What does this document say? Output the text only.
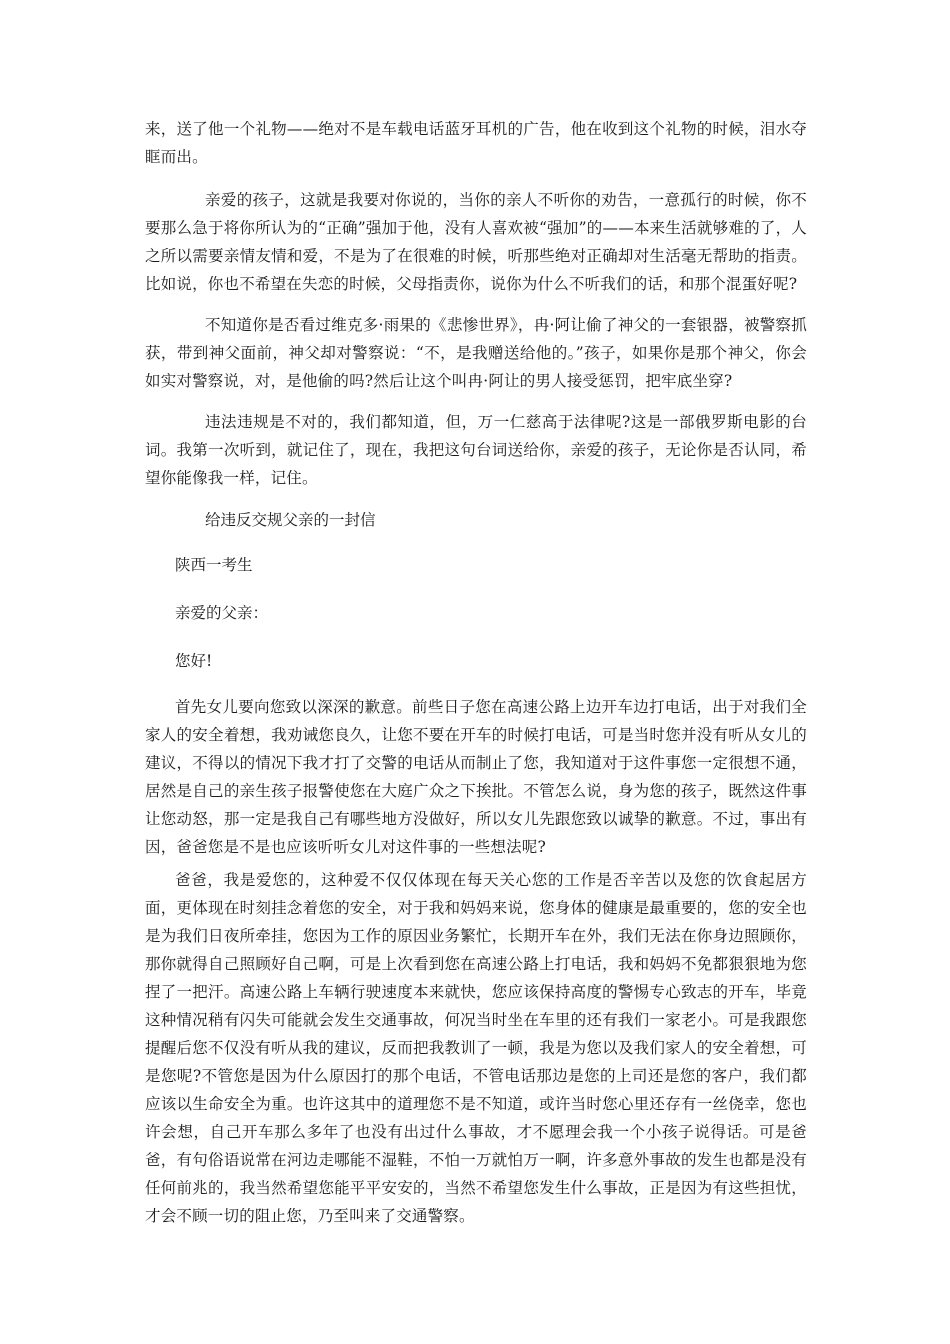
来，送了他一个礼物——绝对不是车载电话蓝牙耳机的广告，他在收到这个礼物的时候，泪水夺眶而出。

亲爱的孩子，这就是我要对你说的，当你的亲人不听你的劝告，一意孤行的时候，你不要那么急于将你所认为的“正确”强加于他，没有人喜欢被“强加”的——本来生活就够难的了，人之所以需要亲情友情和爱，不是为了在很难的时候，听那些绝对正确却对生活毫无帮助的指责。比如说，你也不希望在失恋的时候，父母指责你，说你为什么不听我们的话，和那个混蛋好呢?

不知道你是否看过维克多·雨果的《悲惨世界》，冉·阿让偷了神父的一套银器，被警察抓获，带到神父面前，神父却对警察说：“不，是我赠送给他的。”孩子，如果你是那个神父，你会如实对警察说，对，是他偷的吗?然后让这个叫冉·阿让的男人接受惩罚，把牢底坐穿?

违法违规是不对的，我们都知道，但，万一仁慈高于法律呢?这是一部俄罗斯电影的台词。我第一次听到，就记住了，现在，我把这句台词送给你，亲爱的孩子，无论你是否认同，希望你能像我一样，记住。

给违反交规父亲的一封信

陕西一考生

亲爱的父亲：

您好!

首先女儿要向您致以深深的歉意。前些日子您在高速公路上边开车边打电话，出于对我们全家人的安全着想，我劝诫您良久，让您不要在开车的时候打电话，可是当时您并没有听从女儿的建议，不得以的情况下我才打了交警的电话从而制止了您，我知道对于这件事您一定很想不通，居然是自己的亲生孩子报警使您在大庭广众之下挨批。不管怎么说，身为您的孩子，既然这件事让您动怒，那一定是我自己有哪些地方没做好，所以女儿先跟您致以诚挚的歉意。不过，事出有因，爸爸您是不是也应该听听女儿对这件事的一些想法呢?

爸爸，我是爱您的，这种爱不仅仅体现在每天关心您的工作是否辛苦以及您的饮食起居方面，更体现在时刻挂念着您的安全，对于我和妈妈来说，您身体的健康是最重要的，您的安全也是为我们日夜所牵挂，您因为工作的原因业务繁忙，长期开车在外，我们无法在你身边照顾你，那你就得自己照顾好自己啊，可是上次看到您在高速公路上打电话，我和妈妈不免都狠狠地为您捏了一把汗。高速公路上车辆行驶速度本来就快，您应该保持高度的警惕专心致志的开车，毕竟这种情况稍有闪失可能就会发生交通事故，何况当时坐在车里的还有我们一家老小。可是我跟您提醒后您不仅没有听从我的建议，反而把我教训了一顿，我是为您以及我们家人的安全着想，可是您呢?不管您是因为什么原因打的那个电话，不管电话那边是您的上司还是您的客户，我们都应该以生命安全为重。也许这其中的道理您不是不知道，或许当时您心里还存有一丝侥幸，您也许会想，自己开车那么多年了也没有出过什么事故，才不愿理会我一个小孩子说得话。可是爸爸，有句俗语说常在河边走哪能不湿鞋，不怕一万就怕万一啊，许多意外事故的发生也都是没有任何前兆的，我当然希望您能平平安安的，当然不希望您发生什么事故，正是因为有这些担忧，才会不顾一切的阻止您，乃至叫来了交通警察。
